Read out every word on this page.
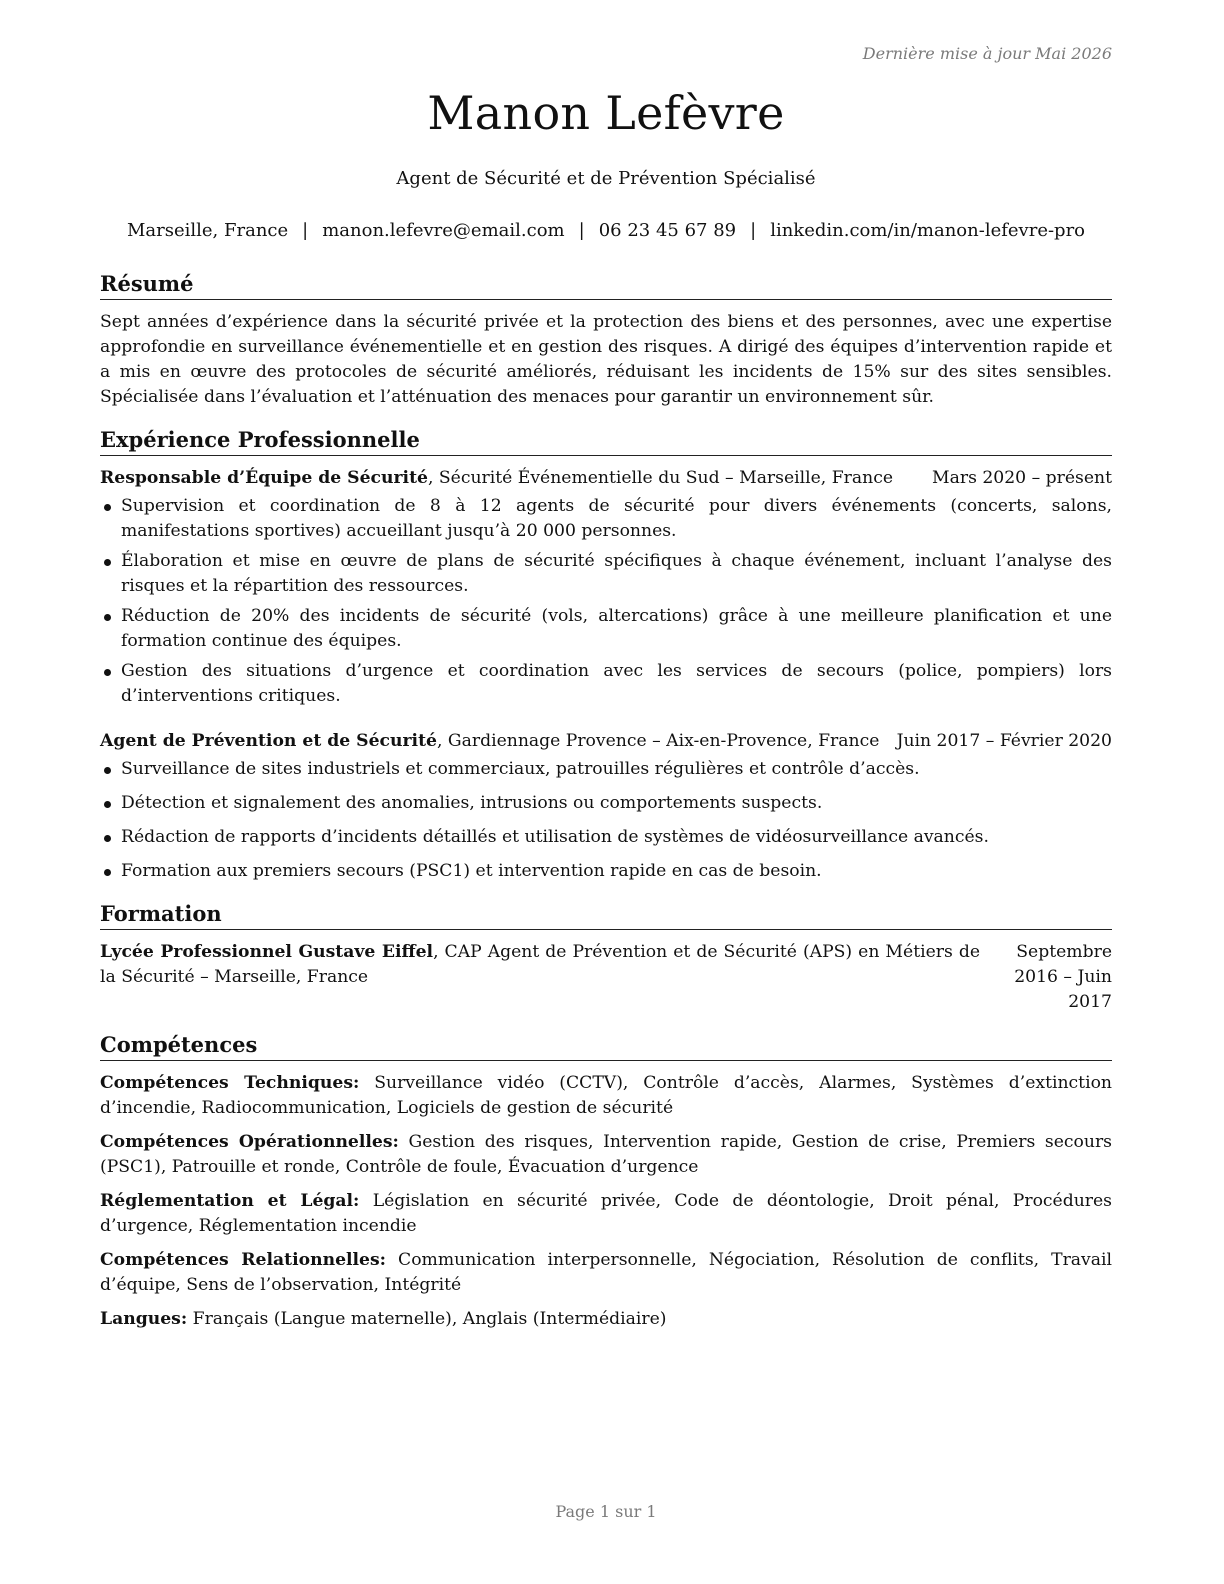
Dernière mise à jour Mai 2026
Manon Lefèvre
Agent de Sécurité et de Prévention Spécialisé
Marseille, France | manon.lefevre@email.com | 06 23 45 67 89 | linkedin.com/in/manon-lefevre-pro
Résumé

Sept années d’expérience dans la sécurité privée et la protection des biens et des personnes, avec une expertise approfondie en surveillance événementielle et en gestion des risques. A dirigé des équipes d’intervention rapide et a mis en œuvre des protocoles de sécurité améliorés, réduisant les incidents de 15% sur des sites sensibles. Spécialisée dans l’évaluation et l’atténuation des menaces pour garantir un environnement sûr.

Expérience Professionnelle
Responsable d’Équipe de Sécurité, Sécurité Événementielle du Sud – Marseille, France Mars 2020 – présent
Supervision et coordination de 8 à 12 agents de sécurité pour divers événements (concerts, salons, manifestations sportives) accueillant jusqu’à 20 000 personnes.
Élaboration et mise en œuvre de plans de sécurité spécifiques à chaque événement, incluant l’analyse des risques et la répartition des ressources.
Réduction de 20% des incidents de sécurité (vols, altercations) grâce à une meilleure planification et une formation continue des équipes.
Gestion des situations d’urgence et coordination avec les services de secours (police, pompiers) lors d’interventions critiques.
Agent de Prévention et de Sécurité, Gardiennage Provence – Aix-en-Provence, France Juin 2017 – Février 2020
Surveillance de sites industriels et commerciaux, patrouilles régulières et contrôle d’accès.
Détection et signalement des anomalies, intrusions ou comportements suspects.
Rédaction de rapports d’incidents détaillés et utilisation de systèmes de vidéosurveillance avancés.
Formation aux premiers secours (PSC1) et intervention rapide en cas de besoin.
Formation
Lycée Professionnel Gustave Eiffel, CAP Agent de Prévention et de Sécurité (APS) en Métiers de la Sécurité – Marseille, France
Septembre 2016 – Juin 2017
Compétences
Compétences Techniques: Surveillance vidéo (CCTV), Contrôle d’accès, Alarmes, Systèmes d’extinction d’incendie, Radiocommunication, Logiciels de gestion de sécurité
Compétences Opérationnelles: Gestion des risques, Intervention rapide, Gestion de crise, Premiers secours (PSC1), Patrouille et ronde, Contrôle de foule, Évacuation d’urgence
Réglementation et Légal: Législation en sécurité privée, Code de déontologie, Droit pénal, Procédures d’urgence, Réglementation incendie
Compétences Relationnelles: Communication interpersonnelle, Négociation, Résolution de conflits, Travail d’équipe, Sens de l’observation, Intégrité
Langues: Français (Langue maternelle), Anglais (Intermédiaire)
Page 1 sur 1
